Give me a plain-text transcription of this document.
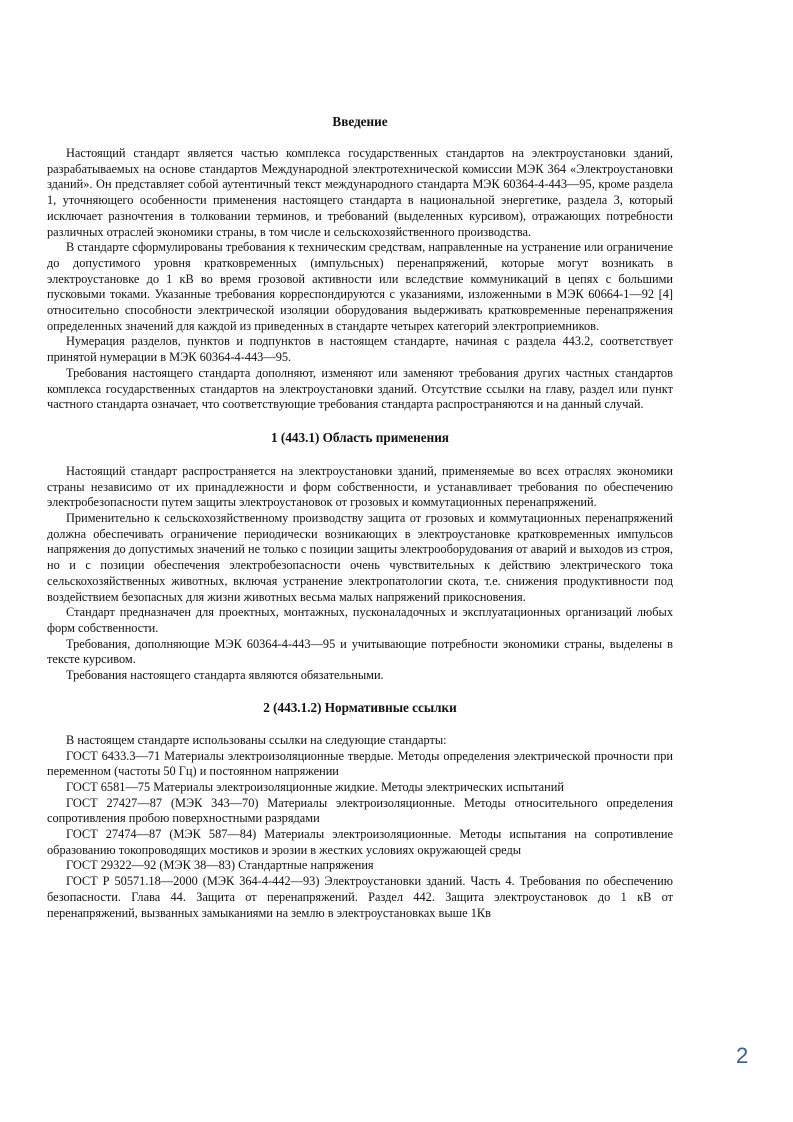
Введение

Настоящий стандарт является частью комплекса государственных стандартов на электроустановки зданий, разрабатываемых на основе стандартов Международной электротехнической комиссии МЭК 364 «Электроустановки зданий». Он представляет собой аутентичный текст международного стандарта МЭК 60364-4-443—95, кроме раздела 1, уточняющего особенности применения настоящего стандарта в национальной энергетике, раздела 3, который исключает разночтения в толковании терминов, и требований (выделенных курсивом), отражающих потребности различных отраслей экономики страны, в том числе и сельскохозяйственного производства.

В стандарте сформулированы требования к техническим средствам, направленные на устранение или ограничение до допустимого уровня кратковременных (импульсных) перенапряжений, которые могут возникать в электроустановке до 1 кВ во время грозовой активности или вследствие коммуникаций в цепях с большими пусковыми токами. Указанные требования корреспондируются с указаниями, изложенными в МЭК 60664-1—92 [4] относительно способности электрической изоляции оборудования выдерживать кратковременные перенапряжения определенных значений для каждой из приведенных в стандарте четырех категорий электроприемников.

Нумерация разделов, пунктов и подпунктов в настоящем стандарте, начиная с раздела 443.2, соответствует принятой нумерации в МЭК 60364-4-443—95.

Требования настоящего стандарта дополняют, изменяют или заменяют требования других частных стандартов комплекса государственных стандартов на электроустановки зданий. Отсутствие ссылки на главу, раздел или пункт частного стандарта означает, что соответствующие требования стандарта распространяются и на данный случай.

1 (443.1) Область применения

Настоящий стандарт распространяется на электроустановки зданий, применяемые во всех отраслях экономики страны независимо от их принадлежности и форм собственности, и устанавливает требования по обеспечению электробезопасности путем защиты электроустановок от грозовых и коммутационных перенапряжений.

Применительно к сельскохозяйственному производству защита от грозовых и коммутационных перенапряжений должна обеспечивать ограничение периодически возникающих в электроустановке кратковременных импульсов напряжения до допустимых значений не только с позиции защиты электрооборудования от аварий и выходов из строя, но и с позиции обеспечения электробезопасности очень чувствительных к действию электрического тока сельскохозяйственных животных, включая устранение электропатологии скота, т.е. снижения продуктивности под воздействием безопасных для жизни животных весьма малых напряжений прикосновения.

Стандарт предназначен для проектных, монтажных, пусконаладочных и эксплуатационных организаций любых форм собственности.

Требования, дополняющие МЭК 60364-4-443—95 и учитывающие потребности экономики страны, выделены в тексте курсивом.

Требования настоящего стандарта являются обязательными.

2 (443.1.2) Нормативные ссылки

В настоящем стандарте использованы ссылки на следующие стандарты:

ГОСТ 6433.3—71 Материалы электроизоляционные твердые. Методы определения электрической прочности при переменном (частоты 50 Гц) и постоянном напряжении

ГОСТ 6581—75 Материалы электроизоляционные жидкие. Методы электрических испытаний

ГОСТ 27427—87 (МЭК 343—70) Материалы электроизоляционные. Методы относительного определения сопротивления пробою поверхностными разрядами

ГОСТ 27474—87 (МЭК 587—84) Материалы электроизоляционные. Методы испытания на сопротивление образованию токопроводящих мостиков и эрозии в жестких условиях окружающей среды

ГОСТ 29322—92 (МЭК 38—83) Стандартные напряжения

ГОСТ Р 50571.18—2000 (МЭК 364-4-442—93) Электроустановки зданий. Часть 4. Требования по обеспечению безопасности. Глава 44. Защита от перенапряжений. Раздел 442. Защита электроустановок до 1 кВ от перенапряжений, вызванных замыканиями на землю в электроустановках выше 1Кв

2
